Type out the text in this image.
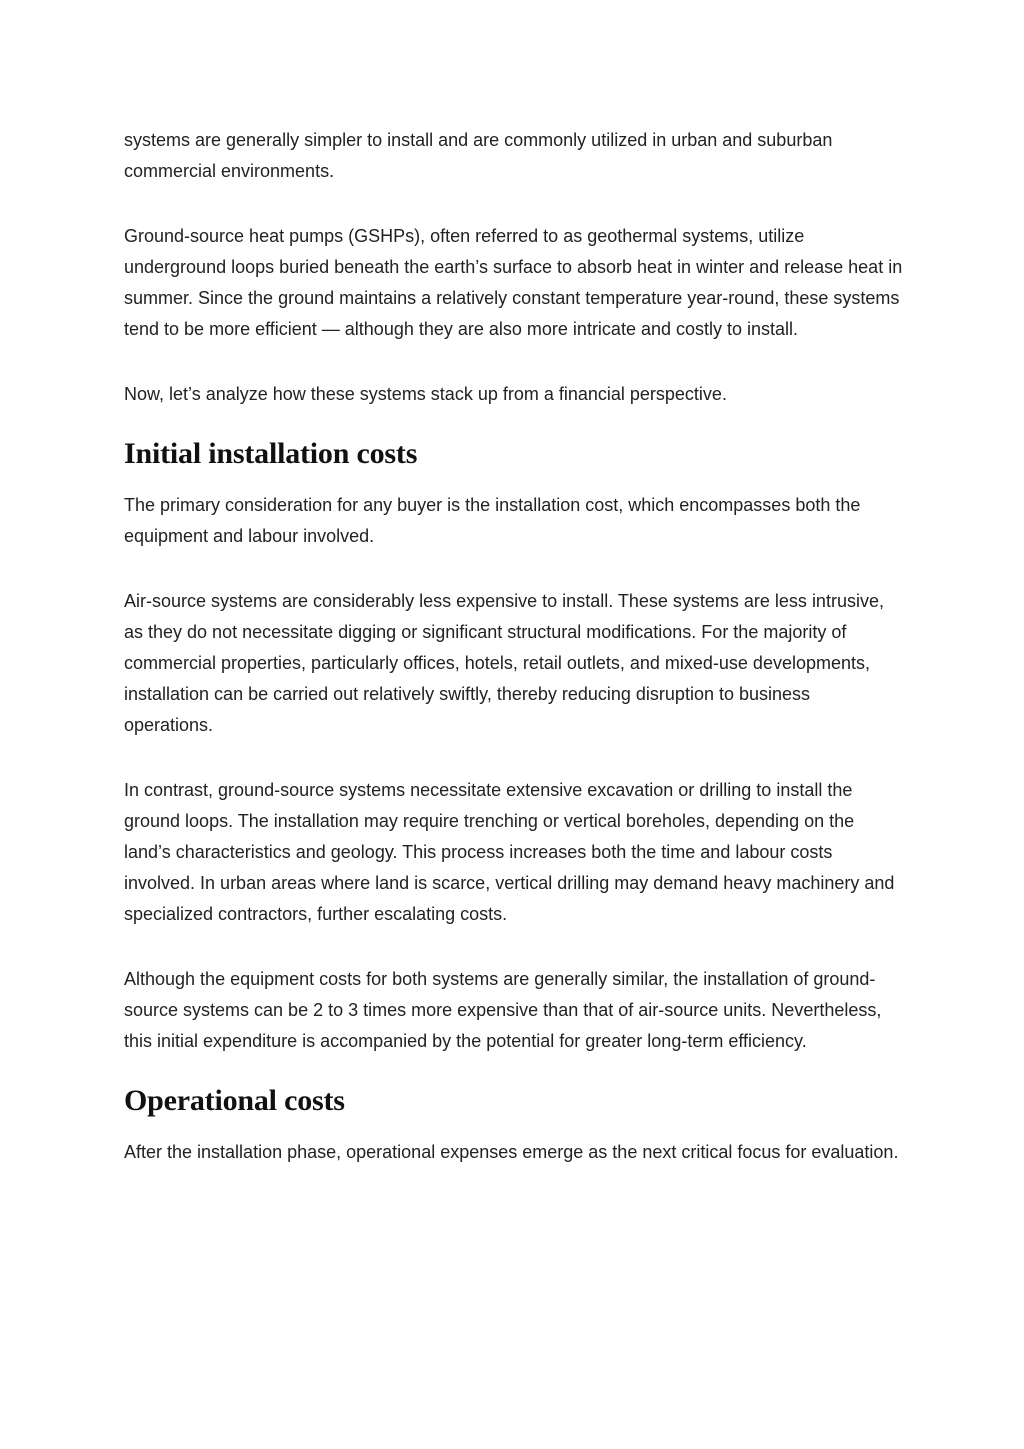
systems are generally simpler to install and are commonly utilized in urban and suburban commercial environments.

Ground-source heat pumps (GSHPs), often referred to as geothermal systems, utilize underground loops buried beneath the earth’s surface to absorb heat in winter and release heat in summer. Since the ground maintains a relatively constant temperature year-round, these systems tend to be more efficient — although they are also more intricate and costly to install.

Now, let’s analyze how these systems stack up from a financial perspective.

Initial installation costs

The primary consideration for any buyer is the installation cost, which encompasses both the equipment and labour involved.

Air-source systems are considerably less expensive to install. These systems are less intrusive, as they do not necessitate digging or significant structural modifications. For the majority of commercial properties, particularly offices, hotels, retail outlets, and mixed-use developments, installation can be carried out relatively swiftly, thereby reducing disruption to business operations.

In contrast, ground-source systems necessitate extensive excavation or drilling to install the ground loops. The installation may require trenching or vertical boreholes, depending on the land’s characteristics and geology. This process increases both the time and labour costs involved. In urban areas where land is scarce, vertical drilling may demand heavy machinery and specialized contractors, further escalating costs.

Although the equipment costs for both systems are generally similar, the installation of ground-source systems can be 2 to 3 times more expensive than that of air-source units. Nevertheless, this initial expenditure is accompanied by the potential for greater long-term efficiency.

Operational costs

After the installation phase, operational expenses emerge as the next critical focus for evaluation.
